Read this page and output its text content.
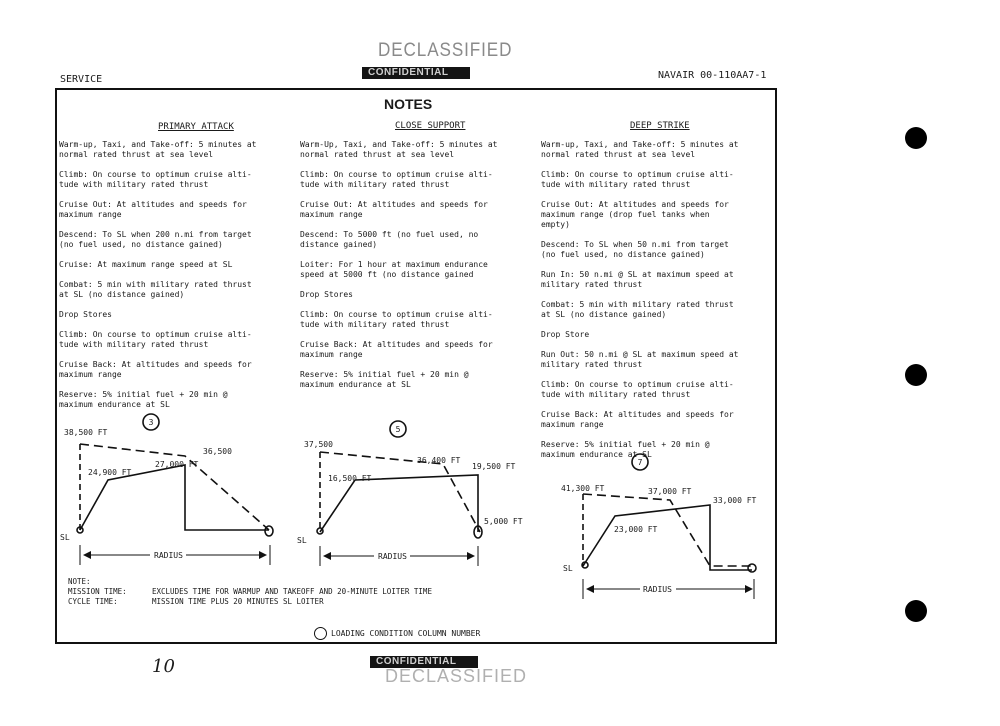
DECLASSIFIED
CONFIDENTIAL
CONFIDENTIAL
DECLASSIFIED
SERVICE	NAVAIR 00-110AA7-1
NOTES
PRIMARY ATTACK	CLOSE SUPPORT	DEEP STRIKE

Warm-up, Taxi, and Take-off: 5 minutes at
normal rated thrust at sea level

Climb: On course to optimum cruise alti-
tude with military rated thrust

Cruise Out: At altitudes and speeds for
maximum range

Descend: To SL when 200 n.mi from target
(no fuel used, no distance gained)

Cruise: At maximum range speed at SL

Combat: 5 min with military rated thrust
at SL (no distance gained)

Drop Stores

Climb: On course to optimum cruise alti-
tude with military rated thrust

Cruise Back: At altitudes and speeds for
maximum range

Reserve: 5% initial fuel + 20 min @
maximum endurance at SL

Warm-Up, Taxi, and Take-off: 5 minutes at
normal rated thrust at sea level

Climb: On course to optimum cruise alti-
tude with military rated thrust

Cruise Out: At altitudes and speeds for
maximum range

Descend: To 5000 ft (no fuel used, no
distance gained)

Loiter: For 1 hour at maximum endurance
speed at 5000 ft (no distance gained

Drop Stores

Climb: On course to optimum cruise alti-
tude with military rated thrust

Cruise Back: At altitudes and speeds for
maximum range

Reserve: 5% initial fuel + 20 min @
maximum endurance at SL

Warm-up, Taxi, and Take-off: 5 minutes at
normal rated thrust at sea level

Climb: On course to optimum cruise alti-
tude with military rated thrust

Cruise Out: At altitudes and speeds for
maximum range (drop fuel tanks when
empty)

Descend: To SL when 50 n.mi from target
(no fuel used, no distance gained)

Run In: 50 n.mi @ SL at maximum speed at
military rated thrust

Combat: 5 min with military rated thrust
at SL (no distance gained)

Drop Store

Run Out: 50 n.mi @ SL at maximum speed at
military rated thrust

Climb: On course to optimum cruise alti-
tude with military rated thrust

Cruise Back: At altitudes and speeds for
maximum range

Reserve: 5% initial fuel + 20 min @
maximum endurance at SL

3
38,500 FT
24,900 FT
27,000 FT
36,500
SL
RADIUS
5
37,500
16,500 FT
36,400 FT
19,500 FT
5,000 FT
SL
RADIUS
7
41,300 FT	37,000 FT
33,000 FT
23,000 FT
SL
RADIUS
NOTE:
MISSION TIME:	EXCLUDES TIME FOR WARMUP AND TAKEOFF AND 20-MINUTE LOITER TIME
CYCLE TIME:	MISSION TIME PLUS 20 MINUTES SL LOITER
LOADING CONDITION COLUMN NUMBER
10
